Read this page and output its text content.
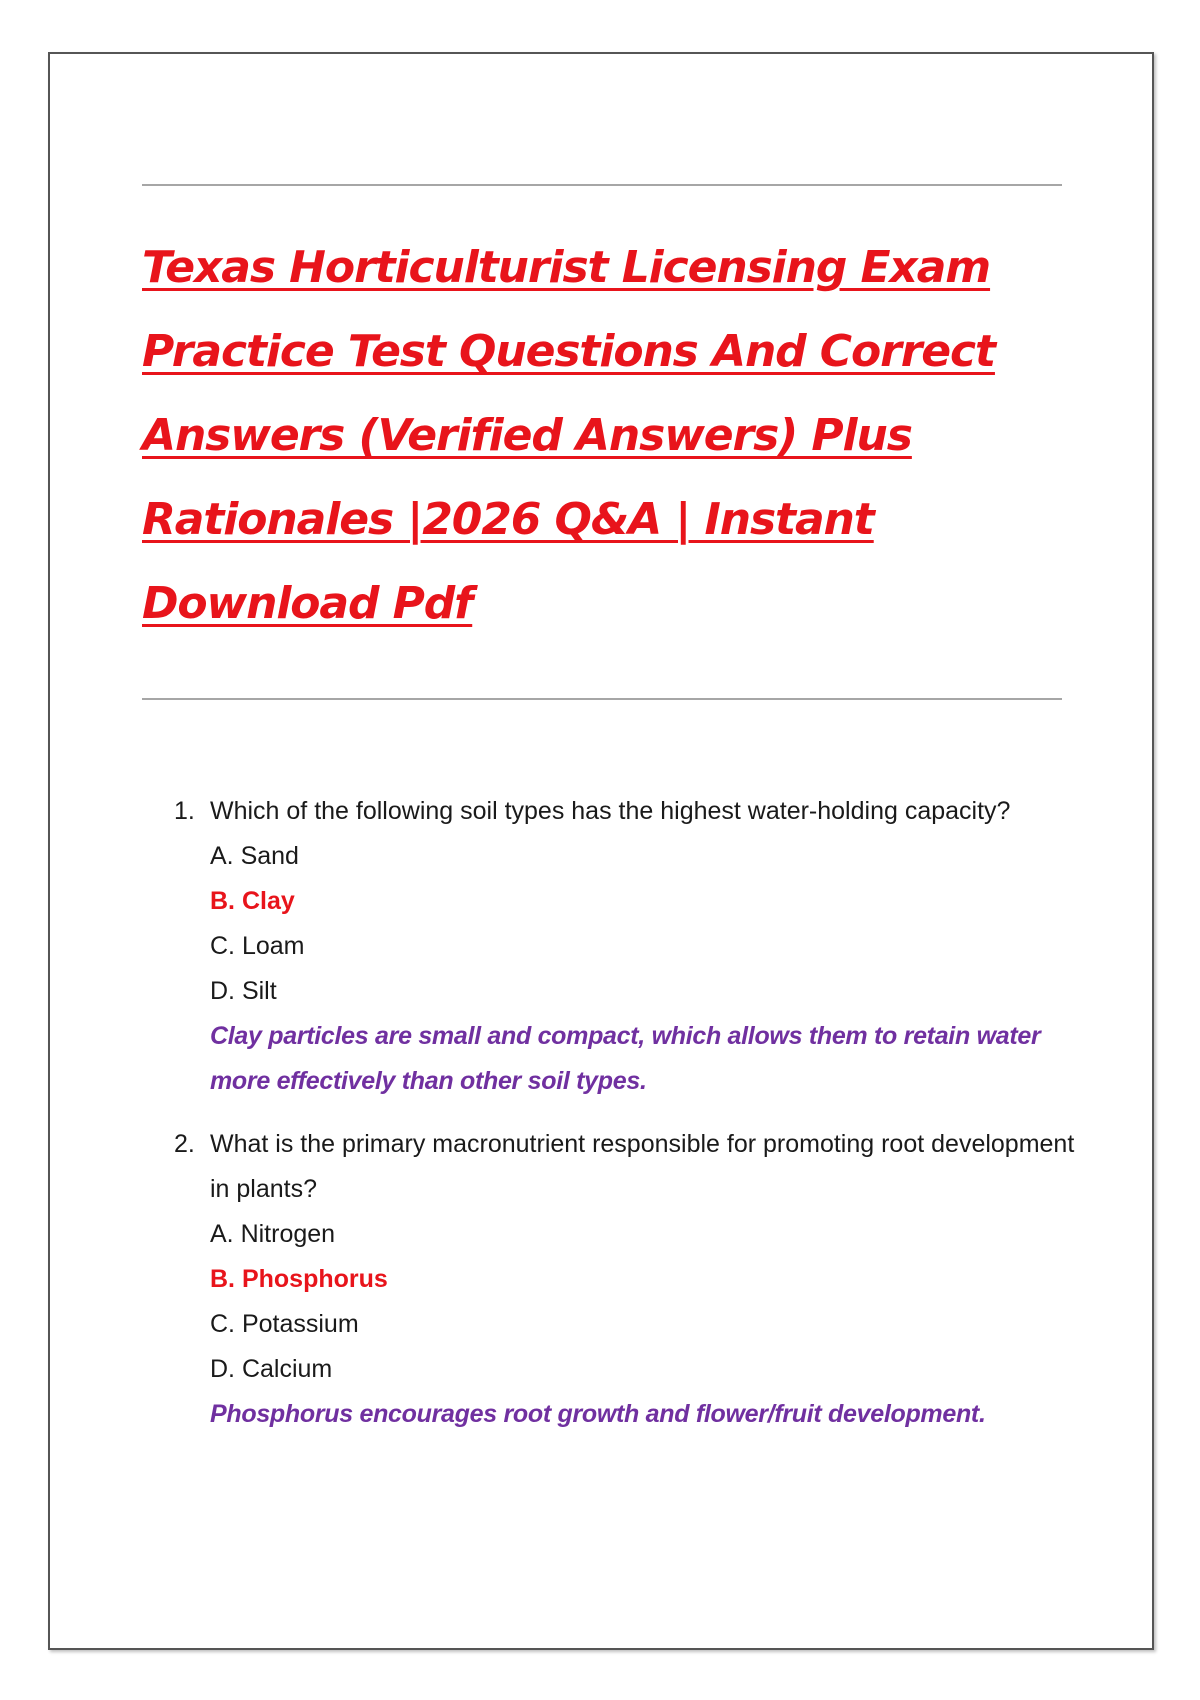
Texas Horticulturist Licensing Exam Practice Test Questions And Correct Answers (Verified Answers) Plus Rationales |2026 Q&A | Instant Download Pdf
1. Which of the following soil types has the highest water-holding capacity?
A. Sand
B. Clay
C. Loam
D. Silt
Clay particles are small and compact, which allows them to retain water more effectively than other soil types.
2. What is the primary macronutrient responsible for promoting root development in plants?
A. Nitrogen
B. Phosphorus
C. Potassium
D. Calcium
Phosphorus encourages root growth and flower/fruit development.
